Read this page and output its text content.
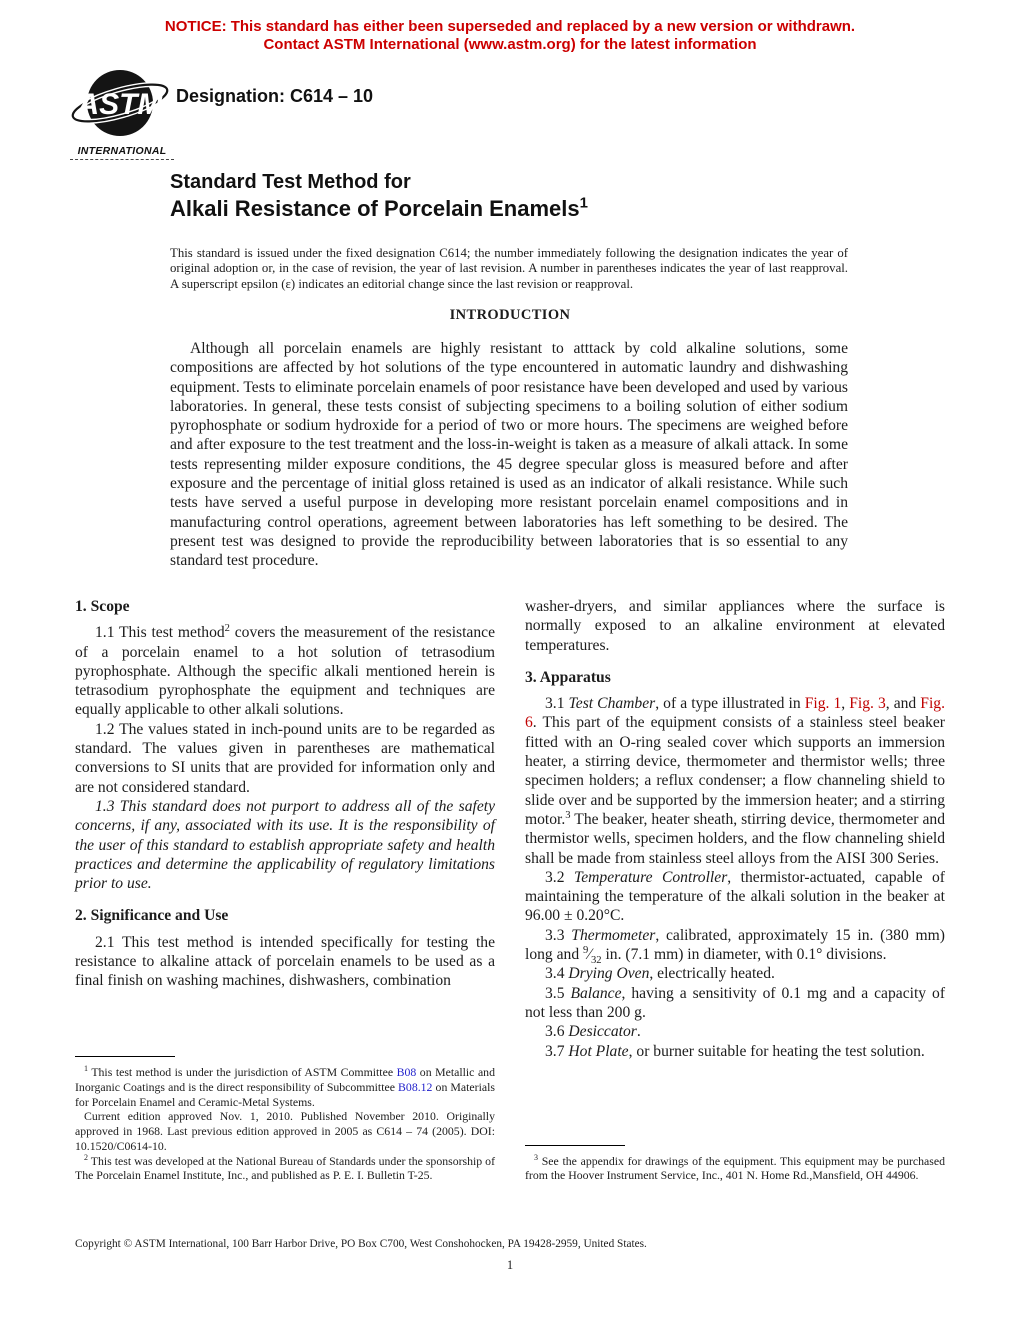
NOTICE: This standard has either been superseded and replaced by a new version or withdrawn.
Contact ASTM International (www.astm.org) for the latest information
ASTM
INTERNATIONAL
Designation: C614 – 10
Standard Test Method for
Alkali Resistance of Porcelain Enamels$^1$
This standard is issued under the fixed designation C614; the number immediately following the designation indicates the year of original adoption or, in the case of revision, the year of last revision. A number in parentheses indicates the year of last reapproval. A superscript epsilon (ε) indicates an editorial change since the last revision or reapproval.
INTRODUCTION
Although all porcelain enamels are highly resistant to atttack by cold alkaline solutions, some compositions are affected by hot solutions of the type encountered in automatic laundry and dishwashing equipment. Tests to eliminate porcelain enamels of poor resistance have been developed and used by various laboratories. In general, these tests consist of subjecting specimens to a boiling solution of either sodium pyrophosphate or sodium hydroxide for a period of two or more hours. The specimens are weighed before and after exposure to the test treatment and the loss-in-weight is taken as a measure of alkali attack. In some tests representing milder exposure conditions, the 45 degree specular gloss is measured before and after exposure and the percentage of initial gloss retained is used as an indicator of alkali resistance. While such tests have served a useful purpose in developing more resistant porcelain enamel compositions and in manufacturing control operations, agreement between laboratories has left something to be desired. The present test was designed to provide the reproducibility between laboratories that is so essential to any standard test procedure.
1. Scope

1.1 This test method$^2$ covers the measurement of the resistance of a porcelain enamel to a hot solution of tetrasodium pyrophosphate. Although the specific alkali mentioned herein is tetrasodium pyrophosphate the equipment and techniques are equally applicable to other alkali solutions.

1.2 The values stated in inch-pound units are to be regarded as standard. The values given in parentheses are mathematical conversions to SI units that are provided for information only and are not considered standard.

1.3 This standard does not purport to address all of the safety concerns, if any, associated with its use. It is the responsibility of the user of this standard to establish appropriate safety and health practices and determine the applicability of regulatory limitations prior to use.

2. Significance and Use

2.1 This test method is intended specifically for testing the resistance to alkaline attack of porcelain enamels to be used as a final finish on washing machines, dishwashers, combination

$^1$ This test method is under the jurisdiction of ASTM Committee B08 on Metallic and Inorganic Coatings and is the direct responsibility of Subcommittee B08.12 on Materials for Porcelain Enamel and Ceramic-Metal Systems.

Current edition approved Nov. 1, 2010. Published November 2010. Originally approved in 1968. Last previous edition approved in 2005 as C614 – 74 (2005). DOI: 10.1520/C0614-10.

$^2$ This test was developed at the National Bureau of Standards under the sponsorship of The Porcelain Enamel Institute, Inc., and published as P. E. I. Bulletin T-25.

washer-dryers, and similar appliances where the surface is normally exposed to an alkaline environment at elevated temperatures.

3. Apparatus

3.1 Test Chamber, of a type illustrated in Fig. 1, Fig. 3, and Fig. 6. This part of the equipment consists of a stainless steel beaker fitted with an O-ring sealed cover which supports an immersion heater, a stirring device, thermometer and thermistor wells; three specimen holders; a reflux condenser; a flow channeling shield to slide over and be supported by the immersion heater; and a stirring motor.$^3$ The beaker, heater sheath, stirring device, thermometer and thermistor wells, specimen holders, and the flow channeling shield shall be made from stainless steel alloys from the AISI 300 Series.

3.2 Temperature Controller, thermistor-actuated, capable of maintaining the temperature of the alkali solution in the beaker at 96.00 ± 0.20°C.

3.3 Thermometer, calibrated, approximately 15 in. (380 mm) long and $^9⁄_{32}$ in. (7.1 mm) in diameter, with 0.1° divisions.

3.4 Drying Oven, electrically heated.

3.5 Balance, having a sensitivity of 0.1 mg and a capacity of not less than 200 g.

3.6 Desiccator.

3.7 Hot Plate, or burner suitable for heating the test solution.

$^3$ See the appendix for drawings of the equipment. This equipment may be purchased from the Hoover Instrument Service, Inc., 401 N. Home Rd.,Mansfield, OH 44906.

Copyright © ASTM International, 100 Barr Harbor Drive, PO Box C700, West Conshohocken, PA 19428-2959, United States.
1
